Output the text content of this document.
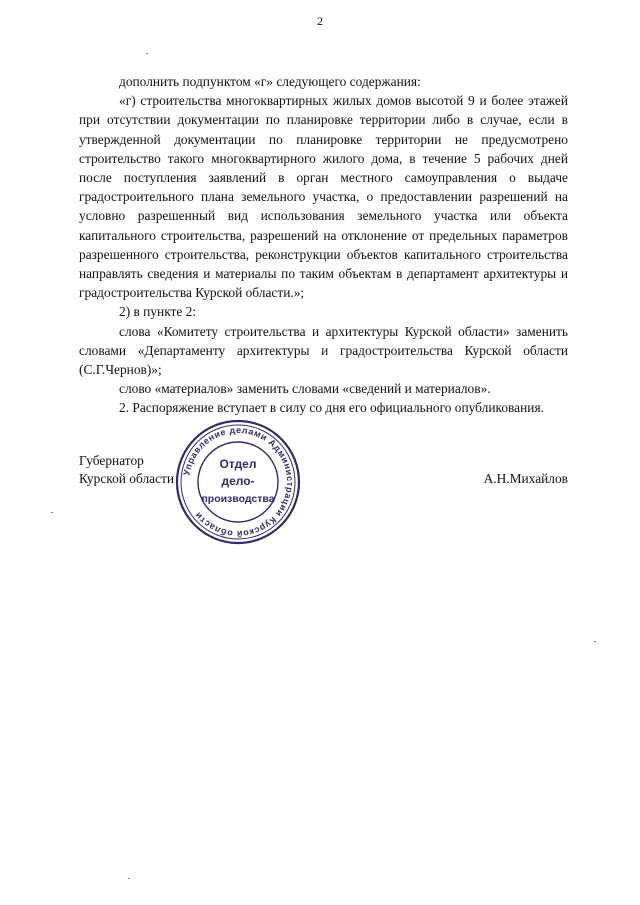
2

дополнить подпунктом «г» следующего содержания:

«г) строительства многоквартирных жилых домов высотой 9 и более этажей при отсутствии документации по планировке территории либо в случае, если в утвержденной документации по планировке территории не предусмотрено строительство такого многоквартирного жилого дома, в течение 5 рабочих дней после поступления заявлений в орган местного самоуправления о выдаче градостроительного плана земельного участка, о предоставлении разрешений на условно разрешенный вид использования земельного участка или объекта капитального строительства, разрешений на отклонение от предельных параметров разрешенного строительства, реконструкции объектов капитального строительства направлять сведения и материалы по таким объектам в департамент архитектуры и градостроительства Курской области.»;

2) в пункте 2:

слова «Комитету строительства и архитектуры Курской области» заменить словами «Департаменту архитектуры и градостроительства Курской области (С.Г.Чернов)»;

слово «материалов» заменить словами «сведений и материалов».

2. Распоряжение вступает в силу со дня его официального опубликования.

Губернатор
Курской области	А.Н.Михайлов
Управление делами Администрации Курской области
Отдел
дело-
производства
